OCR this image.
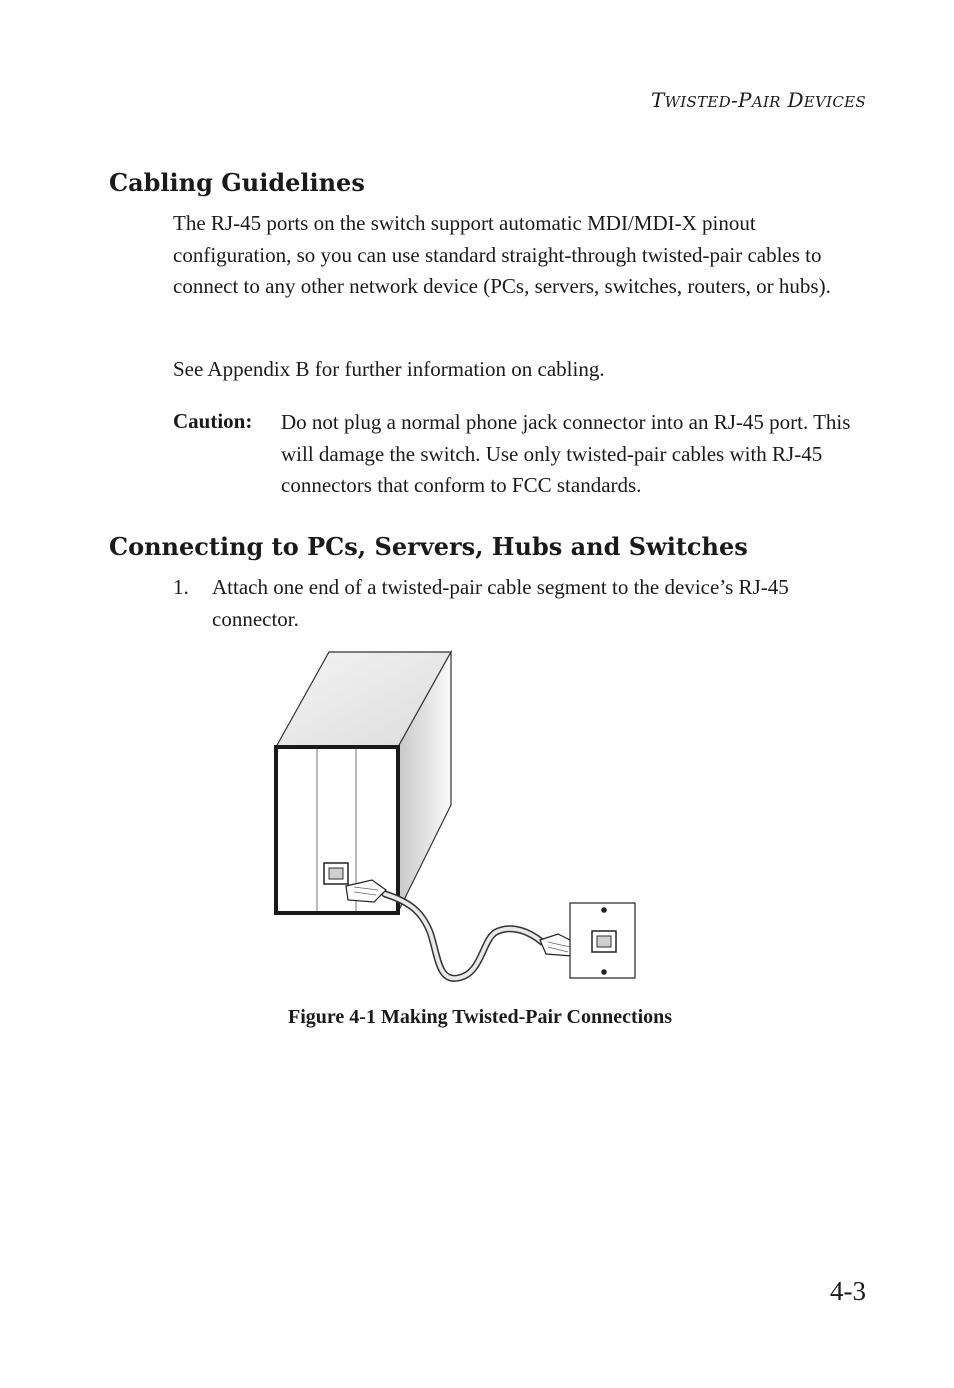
TWISTED-PAIR DEVICES
Cabling Guidelines

The RJ-45 ports on the switch support automatic MDI/MDI-X pinout configuration, so you can use standard straight-through twisted-pair cables to connect to any other network device (PCs, servers, switches, routers, or hubs).

See Appendix B for further information on cabling.

Caution: Do not plug a normal phone jack connector into an RJ-45 port. This will damage the switch. Use only twisted-pair cables with RJ-45 connectors that conform to FCC standards.

Connecting to PCs, Servers, Hubs and Switches
1. Attach one end of a twisted-pair cable segment to the device’s RJ-45 connector.

Figure 4-1 Making Twisted-Pair Connections
4-3
